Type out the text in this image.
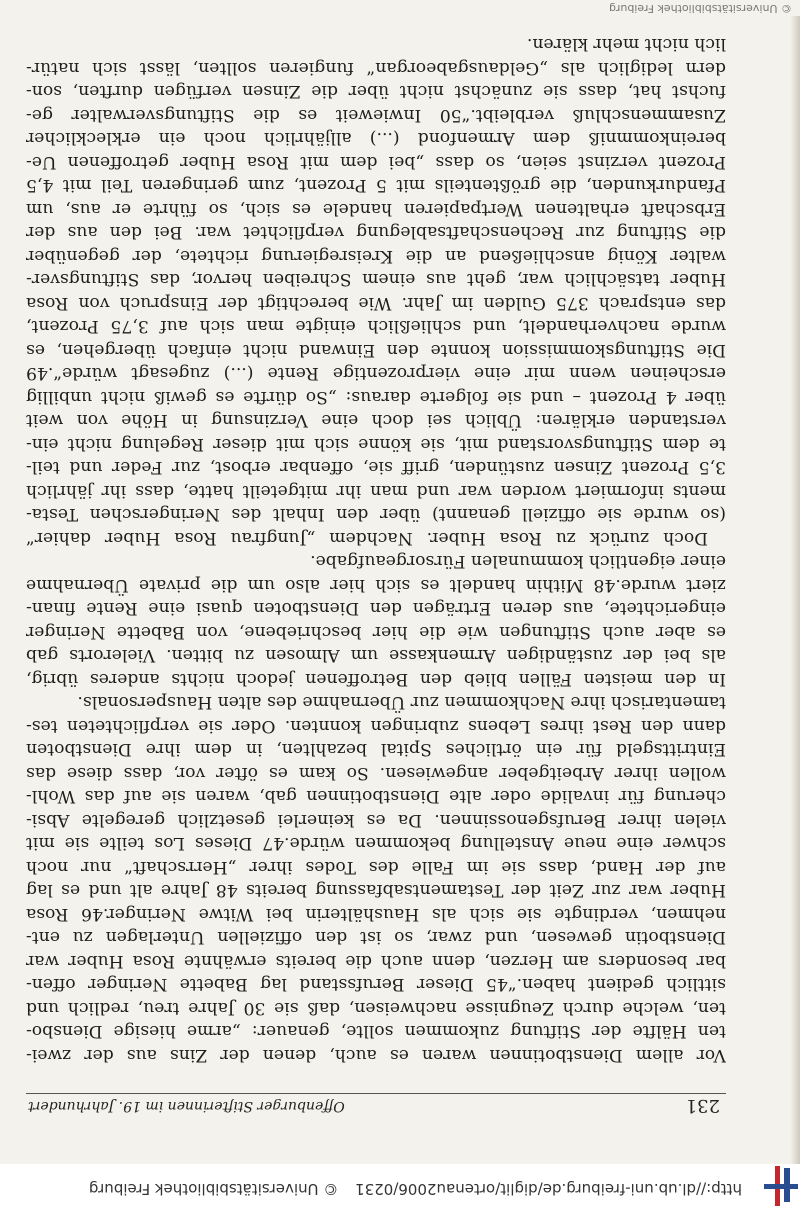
http://dl.ub.uni-freiburg.de/diglit/ortenau2006/0231 © Universitätsbibliothek Freiburg
231
Offenburger Stifterinnen im 19. Jahrhundert
Vor allem Dienstbotinnen waren es auch, denen der Zins aus der zwei-
ten Hälfte der Stiftung zukommen sollte, genauer: „arme hiesige Diensbo-
ten, welche durch Zeugnisse nachweisen, daß sie 30 Jahre treu, redlich und
sittlich gedient haben.“45 Dieser Berufsstand lag Babette Neringer offen-
bar besonders am Herzen, denn auch die bereits erwähnte Rosa Huber war
Dienstbotin gewesen, und zwar, so ist den offiziellen Unterlagen zu ent-
nehmen, verdingte sie sich als Haushälterin bei Witwe Neringer.46 Rosa
Huber war zur Zeit der Testamentsabfassung bereits 48 Jahre alt und es lag
auf der Hand, dass sie im Falle des Todes ihrer „Herrschaft“ nur noch
schwer eine neue Anstellung bekommen würde.47 Dieses Los teilte sie mit
vielen ihrer Berufsgenossinnen. Da es keinerlei gesetzlich geregelte Absi-
cherung für invalide oder alte Dienstbotinnen gab, waren sie auf das Wohl-
wollen ihrer Arbeitgeber angewiesen. So kam es öfter vor, dass diese das
Eintrittsgeld für ein örtliches Spital bezahlten, in dem ihre Dienstboten
dann den Rest ihres Lebens zubringen konnten. Oder sie verpflichteten tes-
tamentarisch ihre Nachkommen zur Übernahme des alten Hauspersonals.
In den meisten Fällen blieb den Betroffenen jedoch nichts anderes übrig,
als bei der zuständigen Armenkasse um Almosen zu bitten. Vielerorts gab
es aber auch Stiftungen wie die hier beschriebene, von Babette Neringer
eingerichtete, aus deren Erträgen den Dienstboten quasi eine Rente finan-
ziert wurde.48 Mithin handelt es sich hier also um die private Übernahme
einer eigentlich kommunalen Fürsorgeaufgabe.
Doch zurück zu Rosa Huber. Nachdem „Jungfrau Rosa Huber dahier“
(so wurde sie offiziell genannt) über den Inhalt des Neringerschen Testa-
ments informiert worden war und man ihr mitgeteilt hatte, dass ihr jährlich
3,5 Prozent Zinsen zustünden, griff sie, offenbar erbost, zur Feder und teil-
te dem Stiftungsvorstand mit, sie könne sich mit dieser Regelung nicht ein-
verstanden erklären: Üblich sei doch eine Verzinsung in Höhe von weit
über 4 Prozent – und sie folgerte daraus: „So dürfte es gewiß nicht unbillig
erscheinen wenn mir eine vierprozentige Rente (...) zugesagt würde“.49
Die Stiftungskommission konnte den Einwand nicht einfach übergehen, es
wurde nachverhandelt, und schließlich einigte man sich auf 3,75 Prozent,
das entsprach 375 Gulden im Jahr. Wie berechtigt der Einspruch von Rosa
Huber tatsächlich war, geht aus einem Schreiben hervor, das Stiftungsver-
walter König anschließend an die Kreisregierung richtete, der gegenüber
die Stiftung zur Rechenschaftsablegung verpflichtet war. Bei den aus der
Erbschaft erhaltenen Wertpapieren handele es sich, so führte er aus, um
Pfandurkunden, die größtenteils mit 5 Prozent, zum geringeren Teil mit 4,5
Prozent verzinst seien, so dass „bei dem mit Rosa Huber getroffenen Ue-
bereinkommniß dem Armenfond (...) alljährlich noch ein erklecklicher
Zusammenschluß verbleibt.“50 Inwieweit es die Stiftungsverwalter ge-
fuchst hat, dass sie zunächst nicht über die Zinsen verfügen durften, son-
dern lediglich als „Geldausgabeorgan“ fungieren sollten, lässt sich natür-
lich nicht mehr klären.
© Universitätsbibliothek Freiburg
